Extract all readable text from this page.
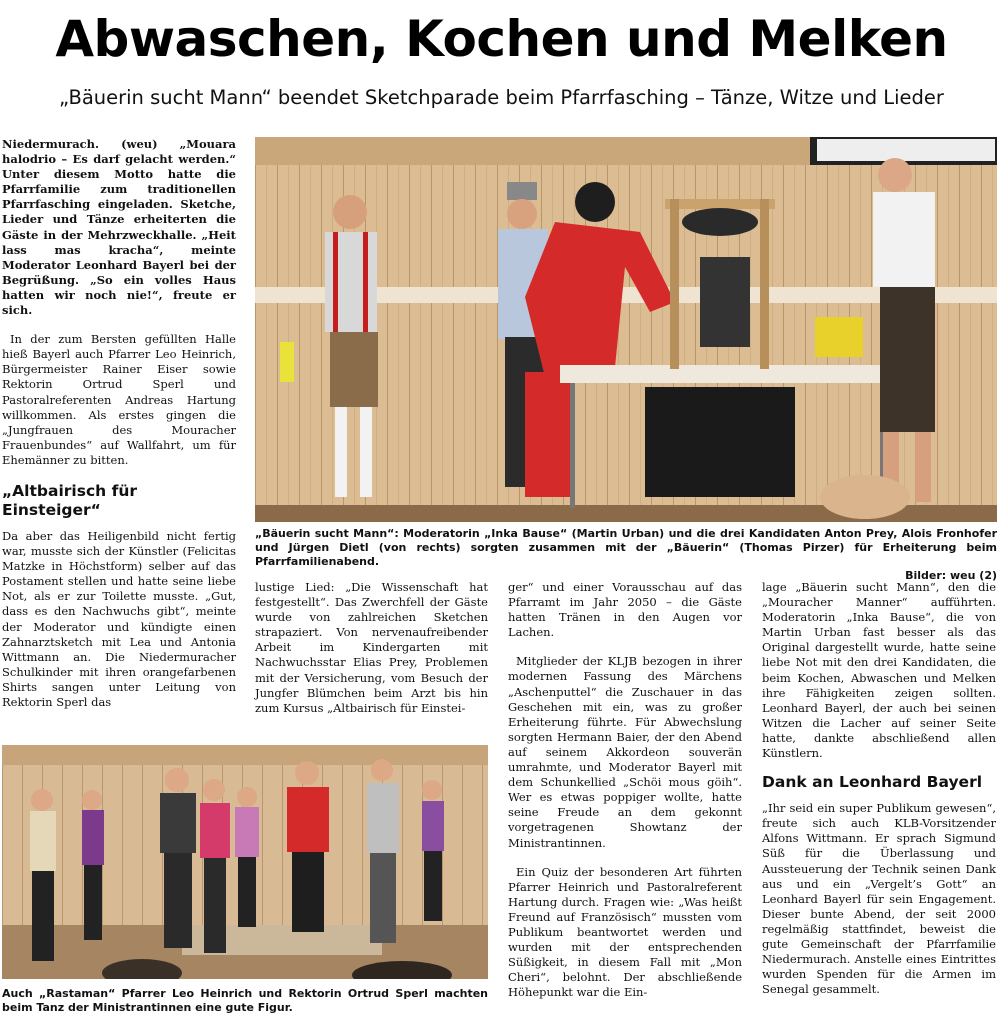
Abwaschen, Kochen und Melken
„Bäuerin sucht Mann“ beendet Sketchparade beim Pfarrfasching – Tänze, Witze und Lieder

Niedermurach. (weu) „Mouara halodrio – Es darf gelacht werden.“ Unter diesem Motto hatte die Pfarrfamilie zum traditionellen Pfarrfasching eingeladen. Sketche, Lieder und Tänze erheiterten die Gäste in der Mehrzweckhalle. „Heit lass mas kracha“, meinte Moderator Leonhard Bayerl bei der Begrüßung. „So ein volles Haus hatten wir noch nie!“, freute er sich.

In der zum Bersten gefüllten Halle hieß Bayerl auch Pfarrer Leo Heinrich, Bürgermeister Rainer Eiser sowie Rektorin Ortrud Sperl und Pastoralreferenten Andreas Hartung willkommen. Als erstes gingen die „Jungfrauen des Mouracher Frauenbundes“ auf Wallfahrt, um für Ehemänner zu bitten.

„Altbairisch für Einsteiger“

Da aber das Heiligenbild nicht fertig war, musste sich der Künstler (Felicitas Matzke in Höchstform) selber auf das Postament stellen und hatte seine liebe Not, als er zur Toilette musste. „Gut, dass es den Nachwuchs gibt“, meinte der Moderator und kündigte einen Zahnarztsketch mit Lea und Antonia Wittmann an. Die Niedermuracher Schulkinder mit ihren orangefarbenen Shirts sangen unter Leitung von Rektorin Sperl das

„Bäuerin sucht Mann“: Moderatorin „Inka Bause“ (Martin Urban) und die drei Kandidaten Anton Prey, Alois Fronhofer und Jürgen Dietl (von rechts) sorgten zusammen mit der „Bäuerin“ (Thomas Pirzer) für Erheiterung beim Pfarrfamilienabend.
Bilder: weu (2)

lustige Lied: „Die Wissenschaft hat festgestellt“. Das Zwerchfell der Gäste wurde von zahlreichen Sketchen strapaziert. Von nervenaufreibender Arbeit im Kindergarten mit Nachwuchsstar Elias Prey, Problemen mit der Versicherung, vom Besuch der Jungfer Blümchen beim Arzt bis hin zum Kursus „Altbairisch für Einstei-

ger“ und einer Vorausschau auf das Pfarramt im Jahr 2050 – die Gäste hatten Tränen in den Augen vor Lachen.

Mitglieder der KLJB bezogen in ihrer modernen Fassung des Märchens „Aschenputtel“ die Zuschauer in das Geschehen mit ein, was zu großer Erheiterung führte. Für Abwechslung sorgten Hermann Baier, der den Abend auf seinem Akkordeon souverän umrahmte, und Moderator Bayerl mit dem Schunkellied „Schöi mous göih“. Wer es etwas poppiger wollte, hatte seine Freude an dem gekonnt vorgetragenen Showtanz der Ministrantinnen.

Ein Quiz der besonderen Art führten Pfarrer Heinrich und Pastoralreferent Hartung durch. Fragen wie: „Was heißt Freund auf Französisch“ mussten vom Publikum beantwortet werden und wurden mit der entsprechenden Süßigkeit, in diesem Fall mit „Mon Cheri“, belohnt. Der abschließende Höhepunkt war die Ein-

lage „Bäuerin sucht Mann“, den die „Mouracher Manner“ aufführten. Moderatorin „Inka Bause“, die von Martin Urban fast besser als das Original dargestellt wurde, hatte seine liebe Not mit den drei Kandidaten, die beim Kochen, Abwaschen und Melken ihre Fähigkeiten zeigen sollten. Leonhard Bayerl, der auch bei seinen Witzen die Lacher auf seiner Seite hatte, dankte abschließend allen Künstlern.

Dank an Leonhard Bayerl

„Ihr seid ein super Publikum gewesen“, freute sich auch KLB-Vorsitzender Alfons Wittmann. Er sprach Sigmund Süß für die Überlassung und Aussteuerung der Technik seinen Dank aus und ein „Vergelt’s Gott“ an Leonhard Bayerl für sein Engagement. Dieser bunte Abend, der seit 2000 regelmäßig stattfindet, beweist die gute Gemeinschaft der Pfarrfamilie Niedermurach. Anstelle eines Eintrittes wurden Spenden für die Armen im Senegal gesammelt.

Auch „Rastaman“ Pfarrer Leo Heinrich und Rektorin Ortrud Sperl machten beim Tanz der Ministrantinnen eine gute Figur.
